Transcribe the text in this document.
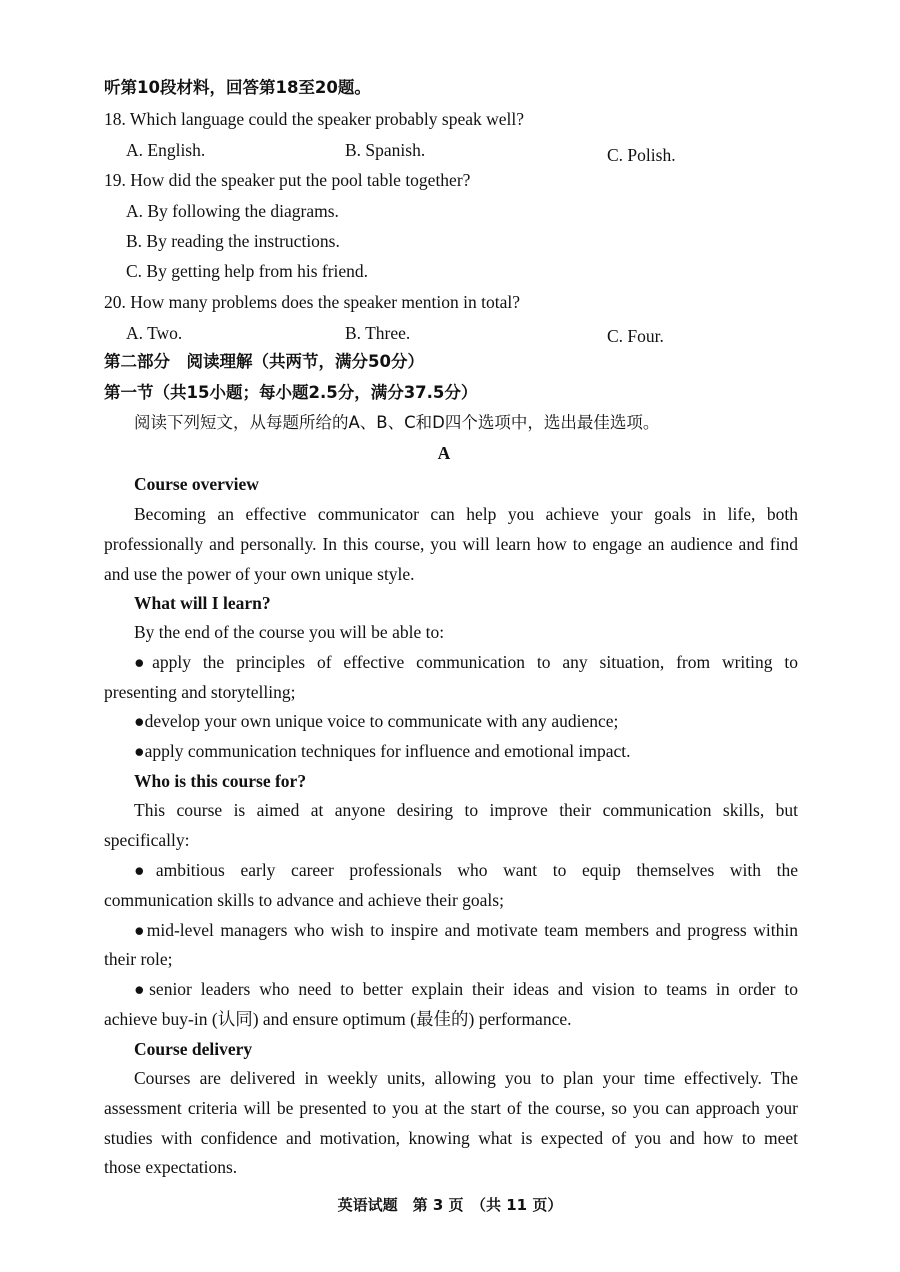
听第10段材料，回答第18至20题。
18. Which language could the speaker probably speak well?
A. English.	B. Spanish.	C. Polish.
19. How did the speaker put the pool table together?
A. By following the diagrams.
B. By reading the instructions.
C. By getting help from his friend.
20. How many problems does the speaker mention in total?
A. Two.	B. Three.	C. Four.
第二部分　阅读理解（共两节，满分50分）
第一节（共15小题；每小题2.5分，满分37.5分）
阅读下列短文，从每题所给的A、B、C和D四个选项中，选出最佳选项。
A
Course overview
Becoming an effective communicator can help you achieve your goals in life, both
professionally and personally. In this course, you will learn how to engage an audience and find
and use the power of your own unique style.
What will I learn?
By the end of the course you will be able to:
●apply the principles of effective communication to any situation, from writing to
presenting and storytelling;
●develop your own unique voice to communicate with any audience;
●apply communication techniques for influence and emotional impact.
Who is this course for?
This course is aimed at anyone desiring to improve their communication skills, but
specifically:
●ambitious early career professionals who want to equip themselves with the
communication skills to advance and achieve their goals;
●mid-level managers who wish to inspire and motivate team members and progress within
their role;
●senior leaders who need to better explain their ideas and vision to teams in order to
achieve buy-in (认同) and ensure optimum (最佳的) performance.
Course delivery
Courses are delivered in weekly units, allowing you to plan your time effectively. The
assessment criteria will be presented to you at the start of the course, so you can approach your
studies with confidence and motivation, knowing what is expected of you and how to meet
those expectations.
英语试题　第 3 页　（共 11 页）
